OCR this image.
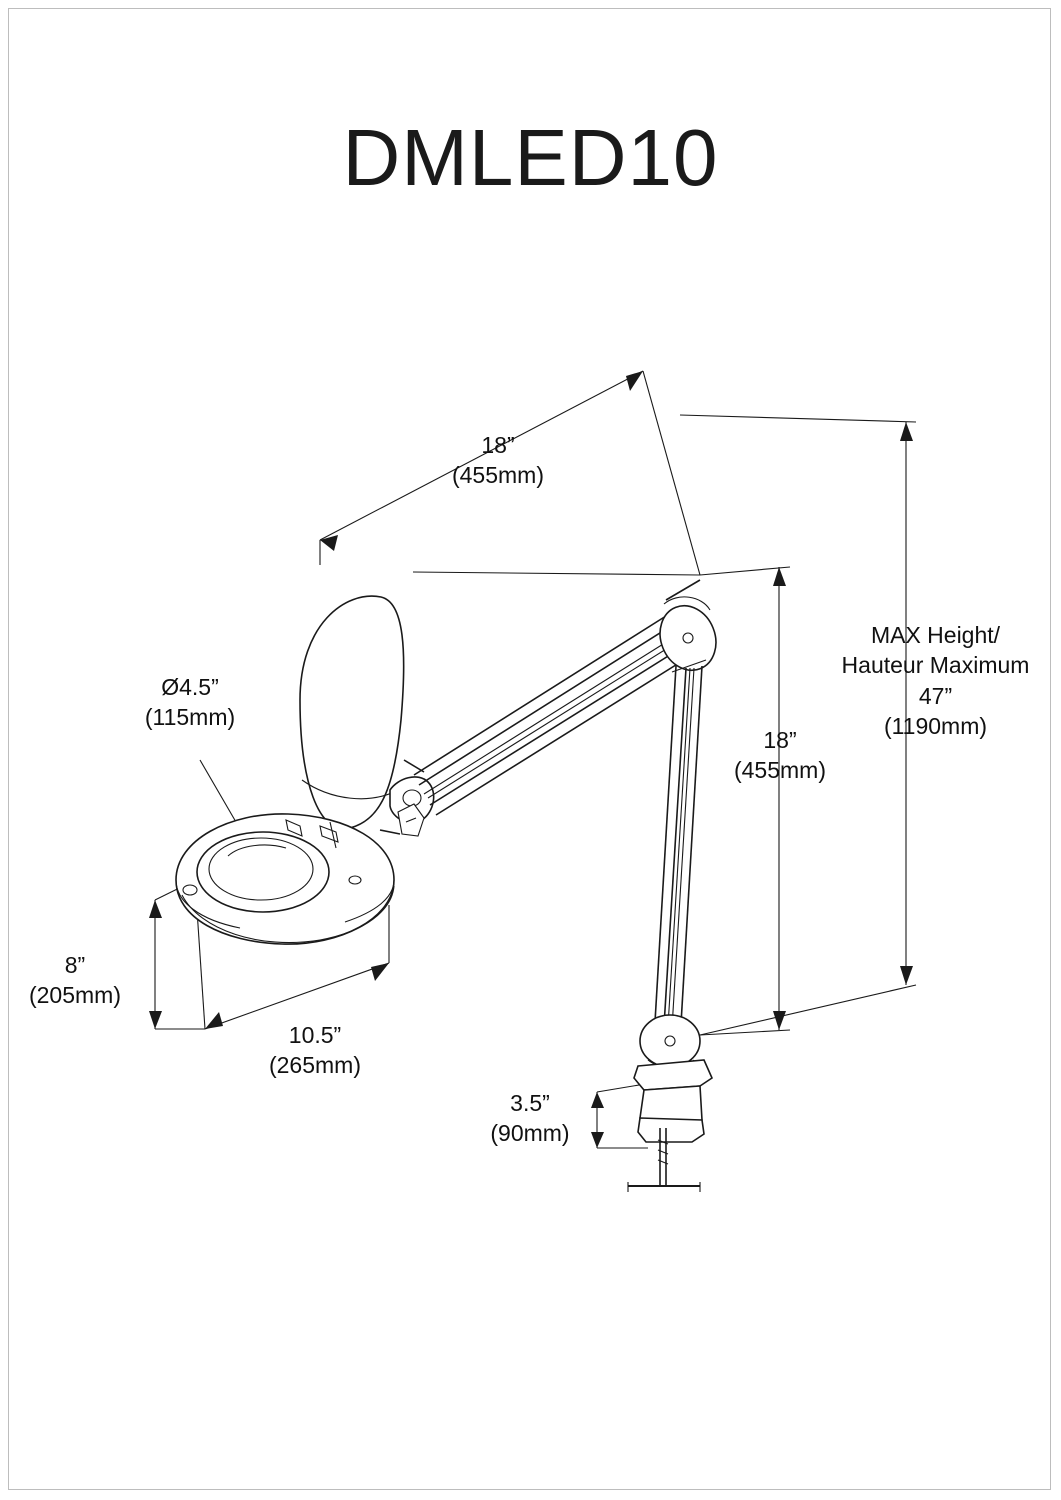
DMLED10
18”
(455mm)
Ø4.5”
(115mm)
8”
(205mm)
10.5”
(265mm)
18”
(455mm)
3.5”
(90mm)
MAX Height/
Hauteur Maximum
47”
(1190mm)
